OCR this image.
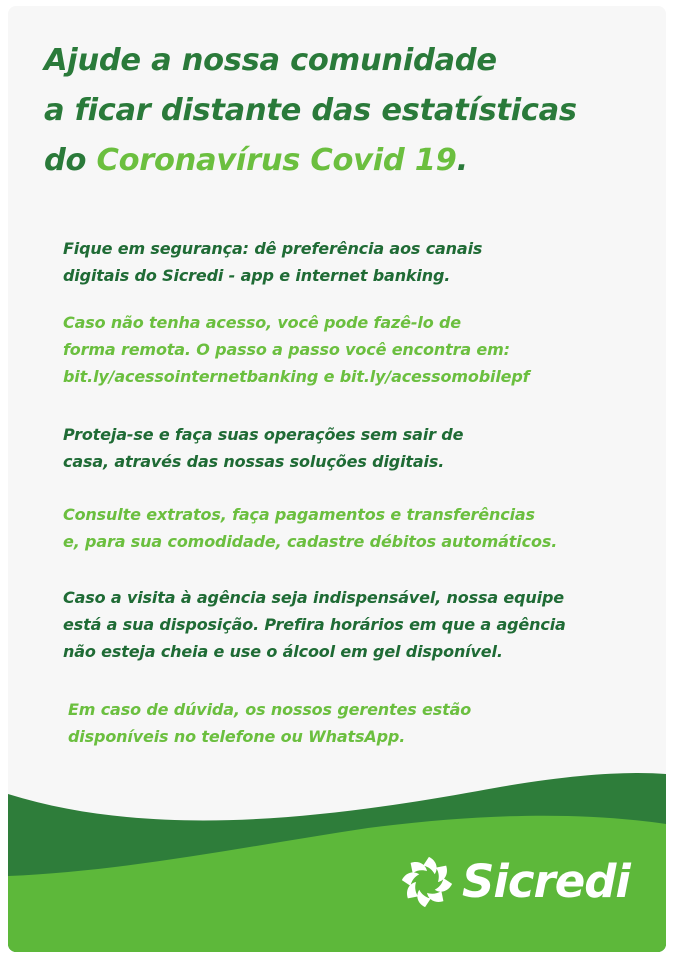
Ajude a nossa comunidade
a ficar distante das estatísticas
do Coronavírus Covid 19.

Fique em segurança: dê preferência aos canais
digitais do Sicredi - app e internet banking.

Caso não tenha acesso, você pode fazê-lo de
forma remota. O passo a passo você encontra em:
bit.ly/acessointernetbanking e bit.ly/acessomobilepf

Proteja-se e faça suas operações sem sair de
casa, através das nossas soluções digitais.

Consulte extratos, faça pagamentos e transferências
e, para sua comodidade, cadastre débitos automáticos.

Caso a visita à agência seja indispensável, nossa equipe
está a sua disposição. Prefira horários em que a agência
não esteja cheia e use o álcool em gel disponível.

Em caso de dúvida, os nossos gerentes estão
disponíveis no telefone ou WhatsApp.

Sicredi
